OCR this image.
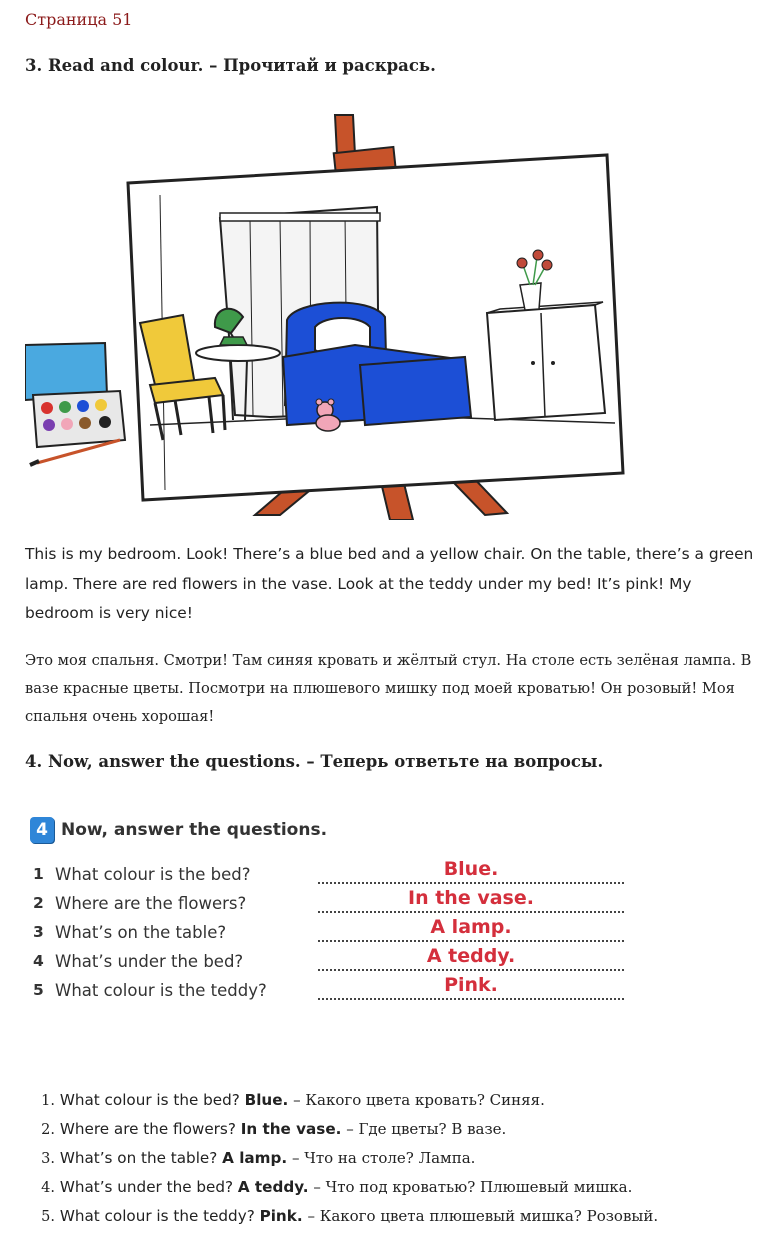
Страница 51
3. Read and colour. – Прочитай и раскрась.
This is my bedroom. Look! There’s a blue bed and a yellow chair. On the table, there’s a green lamp. There are red flowers in the vase. Look at the teddy under my bed! It’s pink! My bedroom is very nice!
Это моя спальня. Смотри! Там синяя кровать и жёлтый стул. На столе есть зелёная лампа. В вазе красные цветы. Посмотри на плюшевого мишку под моей кроватью! Он розовый! Моя спальня очень хорошая!
4. Now, answer the questions. – Теперь ответьте на вопросы.
4 Now, answer the questions.
1 What colour is the bed?	Blue.
2 Where are the flowers?	In the vase.
3 What’s on the table?	A lamp.
4 What’s under the bed?	A teddy.
5 What colour is the teddy?	Pink.
1. What colour is the bed? Blue. – Какого цвета кровать? Синяя.
2. Where are the flowers? In the vase. – Где цветы? В вазе.
3. What’s on the table? A lamp. – Что на столе? Лампа.
4. What’s under the bed? A teddy. – Что под кроватью? Плюшевый мишка.
5. What colour is the teddy? Pink. – Какого цвета плюшевый мишка? Розовый.
